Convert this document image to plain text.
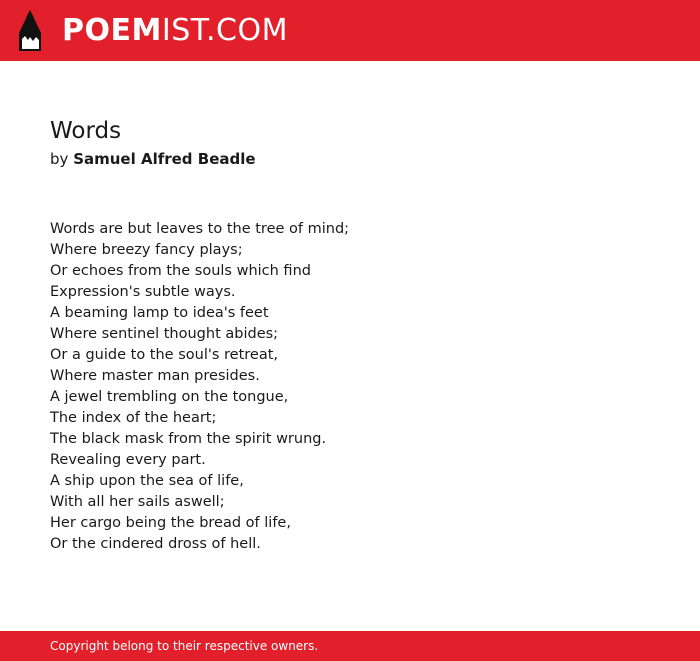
POEM IST.COM
Words
by Samuel Alfred Beadle
Words are but leaves to the tree of mind;
Where breezy fancy plays;
Or echoes from the souls which find
Expression's subtle ways.
A beaming lamp to idea's feet
Where sentinel thought abides;
Or a guide to the soul's retreat,
Where master man presides.
A jewel trembling on the tongue,
The index of the heart;
The black mask from the spirit wrung.
Revealing every part.
A ship upon the sea of life,
With all her sails aswell;
Her cargo being the bread of life,
Or the cindered dross of hell.
Copyright belong to their respective owners.
